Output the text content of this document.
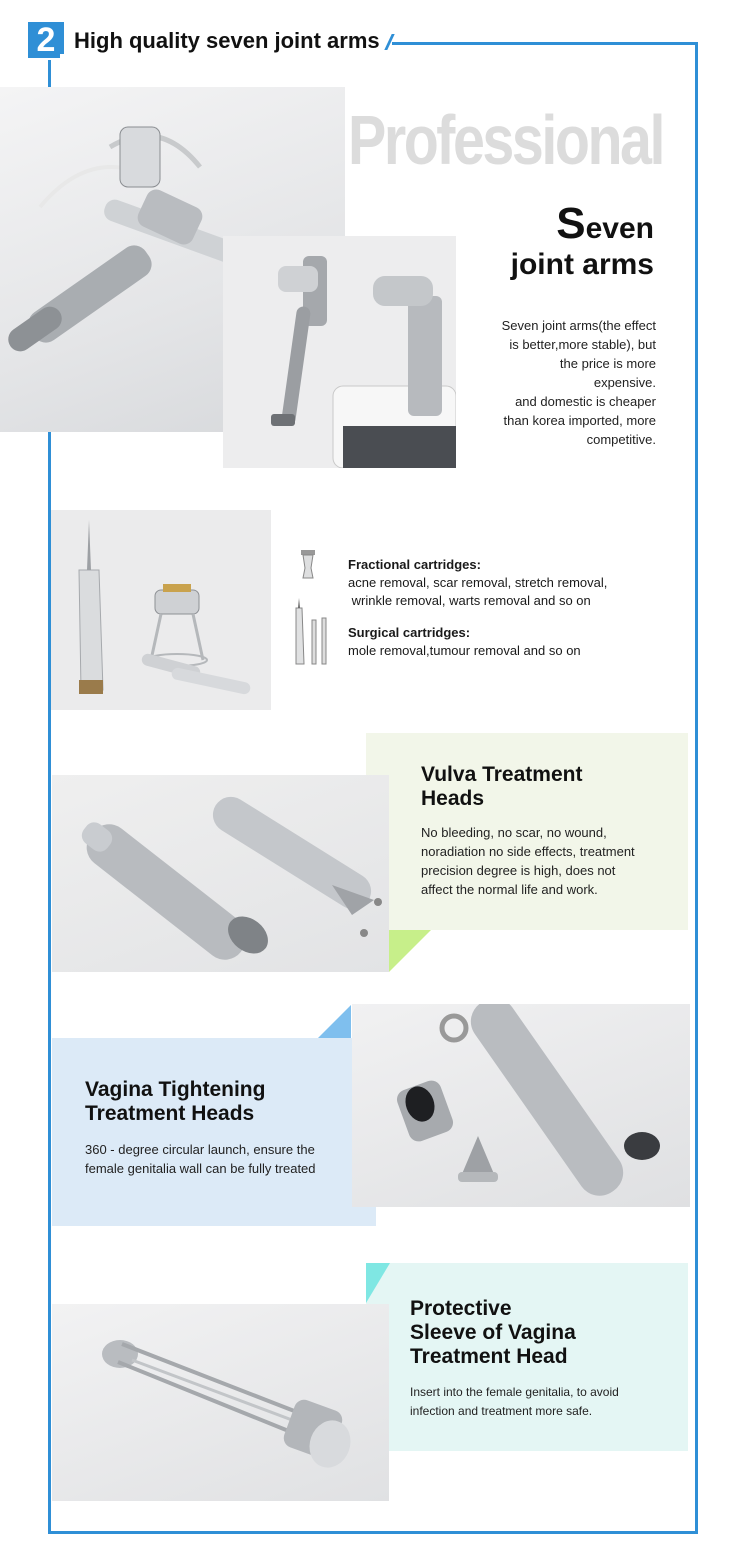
2 High quality seven joint arms
Professional
Seven
joint arms
Seven joint arms(the effect
is better,more stable), but
the price is more
expensive.
and domestic is cheaper
than korea imported, more
competitive.
Fractional cartridges:
acne removal, scar removal, stretch removal,
wrinkle removal, warts removal and so on
Surgical cartridges:
mole removal,tumour removal and so on
Vulva Treatment
Heads
No bleeding, no scar, no wound,
noradiation no side effects, treatment
precision degree is high, does not
affect the normal life and work.
Vagina Tightening
Treatment Heads
360 - degree circular launch, ensure the
female genitalia wall can be fully treated
Protective
Sleeve of Vagina
Treatment Head
Insert into the female genitalia, to avoid
infection and treatment more safe.
